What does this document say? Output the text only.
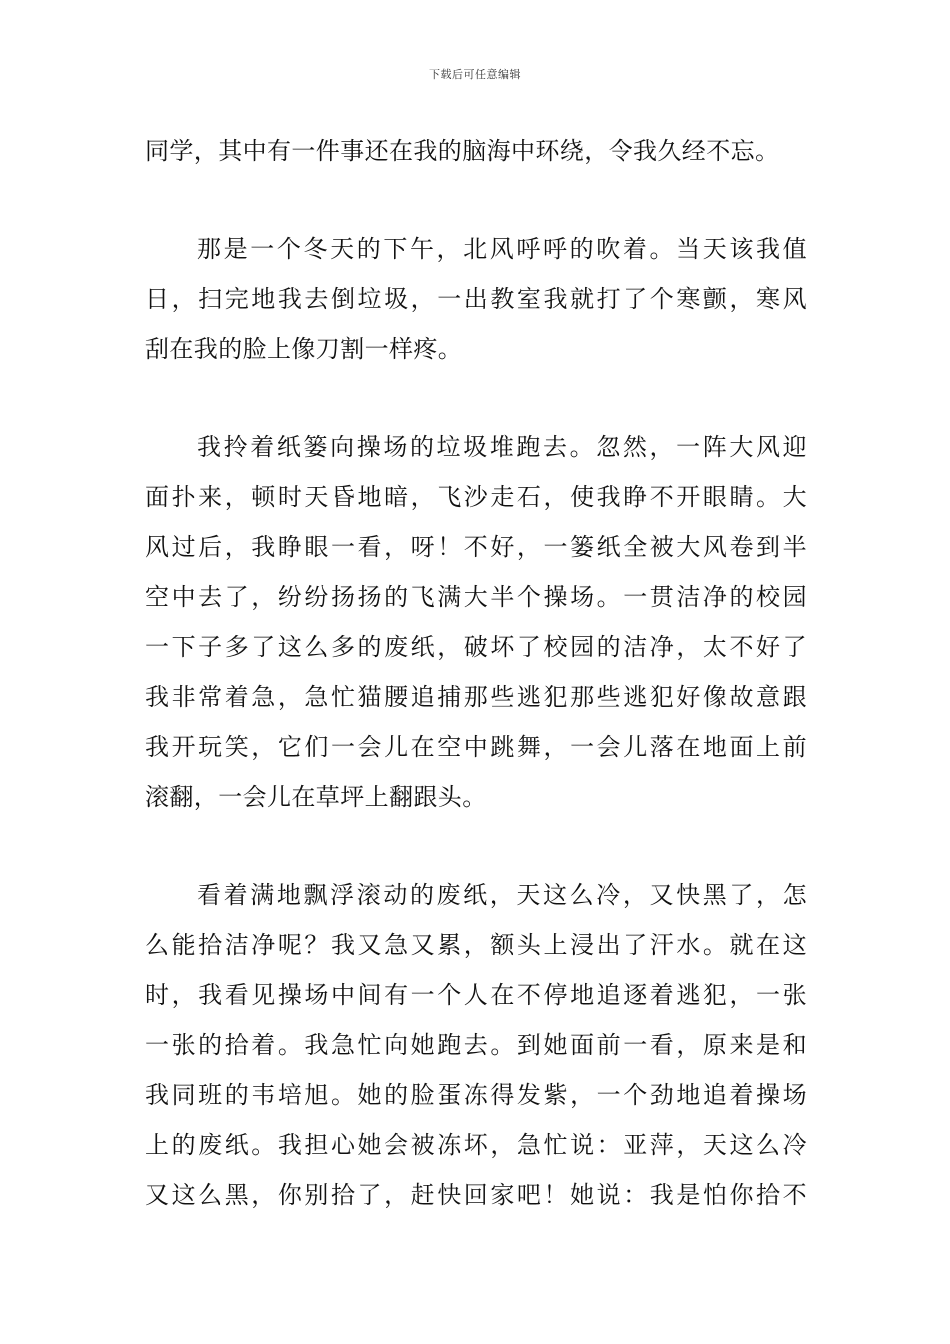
下载后可任意编辑
同学，其中有一件事还在我的脑海中环绕，令我久经不忘。
那是一个冬天的下午，北风呼呼的吹着。当天该我值
日，扫完地我去倒垃圾，一出教室我就打了个寒颤，寒风
刮在我的脸上像刀割一样疼。
我拎着纸篓向操场的垃圾堆跑去。忽然，一阵大风迎
面扑来，顿时天昏地暗，飞沙走石，使我睁不开眼睛。大
风过后，我睁眼一看，呀！不好，一篓纸全被大风卷到半
空中去了，纷纷扬扬的飞满大半个操场。一贯洁净的校园
一下子多了这么多的废纸，破坏了校园的洁净，太不好了
我非常着急，急忙猫腰追捕那些逃犯那些逃犯好像故意跟
我开玩笑，它们一会儿在空中跳舞，一会儿落在地面上前
滚翻，一会儿在草坪上翻跟头。
看着满地飘浮滚动的废纸，天这么冷，又快黑了，怎
么能拾洁净呢？我又急又累，额头上浸出了汗水。就在这
时，我看见操场中间有一个人在不停地追逐着逃犯，一张
一张的拾着。我急忙向她跑去。到她面前一看，原来是和
我同班的韦培旭。她的脸蛋冻得发紫，一个劲地追着操场
上的废纸。我担心她会被冻坏，急忙说：亚萍，天这么冷
又这么黑，你别拾了，赶快回家吧！她说：我是怕你拾不
